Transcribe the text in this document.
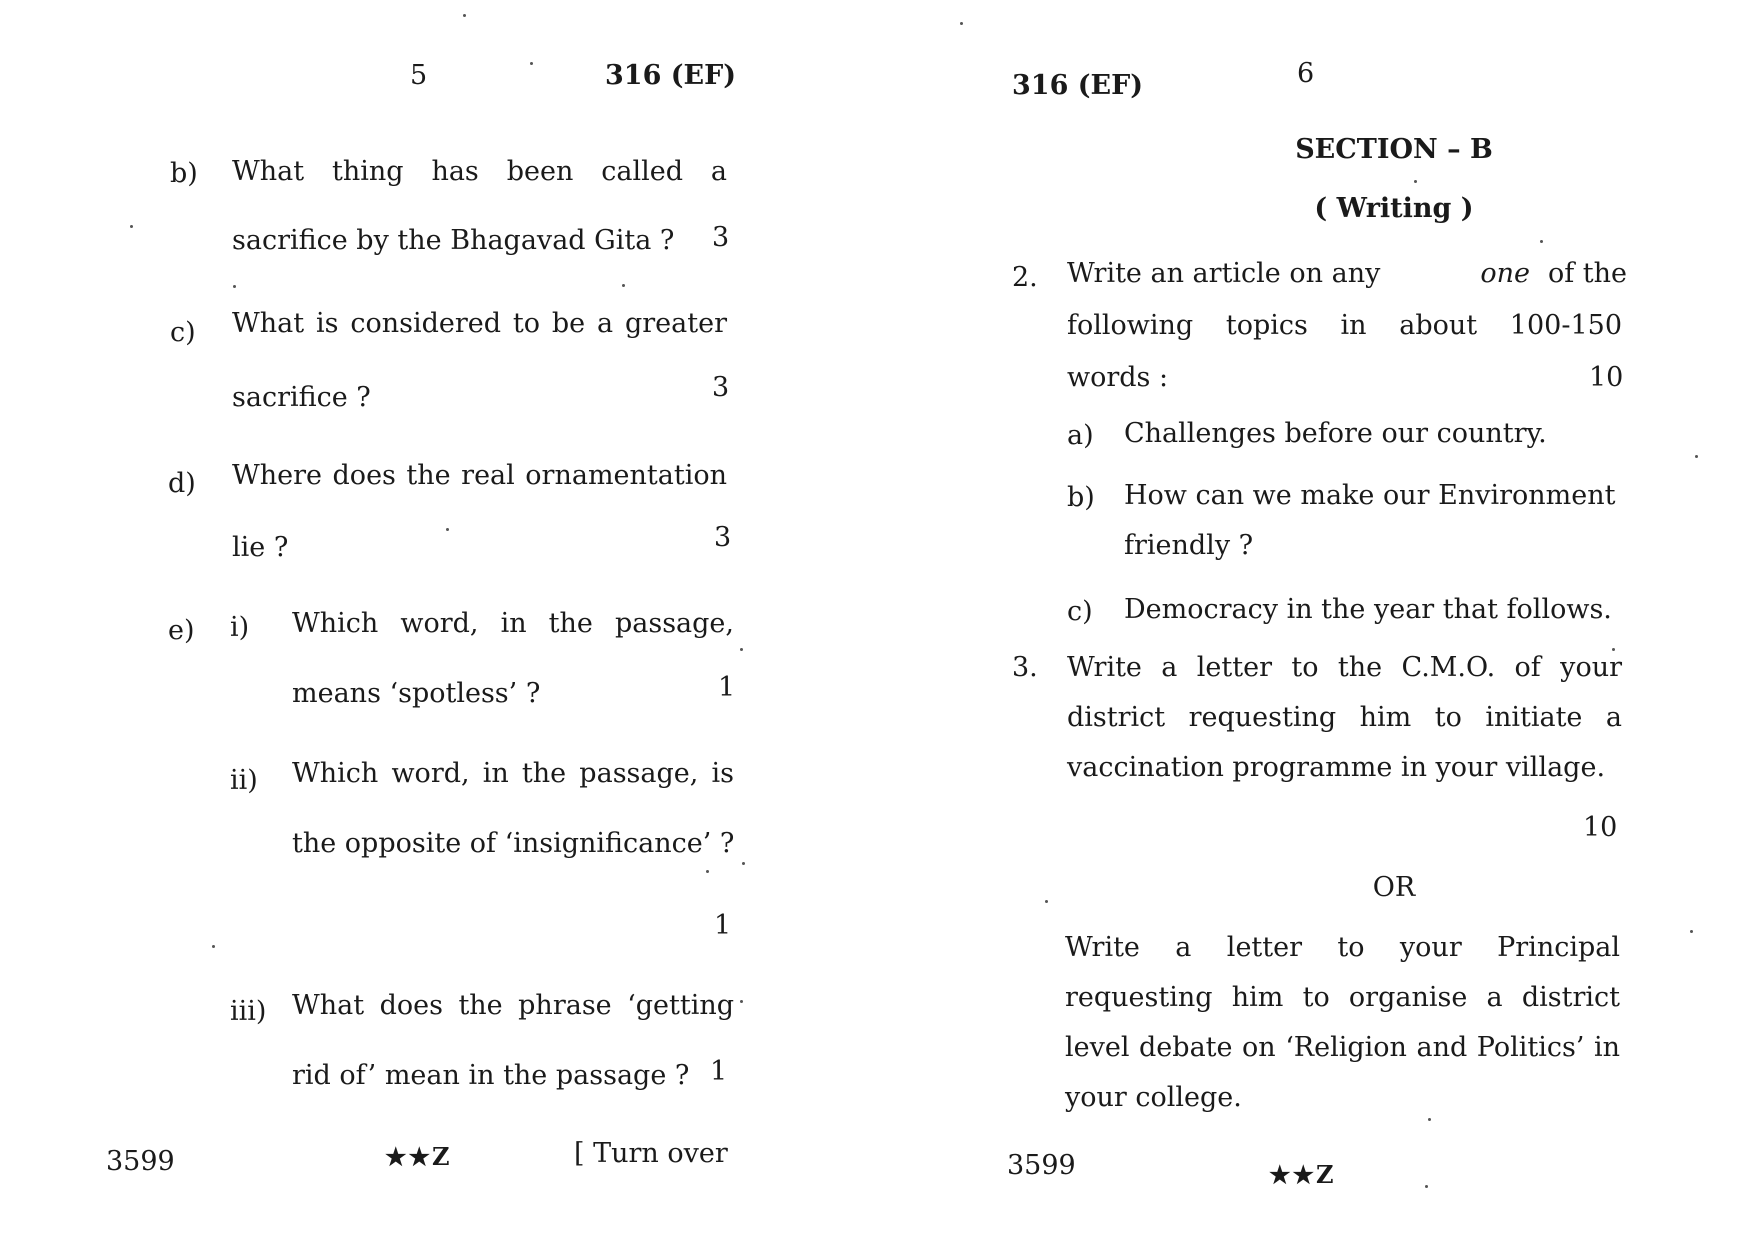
5	316 (EF)
b) What thing has been called a
sacrifice by the Bhagavad Gita ? 3
c) What is considered to be a greater
sacrifice ?	3
d) Where does the real ornamentation
lie ?	3
e) i) Which word, in the passage,
means ‘spotless’ ?	1
ii) Which word, in the passage, is
the opposite of ‘insignificance’ ?
1
iii) What does the phrase ‘getting
rid of’ mean in the passage ? 1
3599	★★Z	[ Turn over
316 (EF)	6
SECTION – B
( Writing )
2. Write an article on any	one of the
following topics in about 100-150
words :	10
a) Challenges before our country.
b) How can we make our Environment
friendly ?
c) Democracy in the year that follows.
3. Write a letter to the C.M.O. of your
district requesting him to initiate a
vaccination programme in your village.
10
OR
Write a letter to your Principal
requesting him to organise a district
level debate on ‘Religion and Politics’ in
your college.
3599	★★Z
